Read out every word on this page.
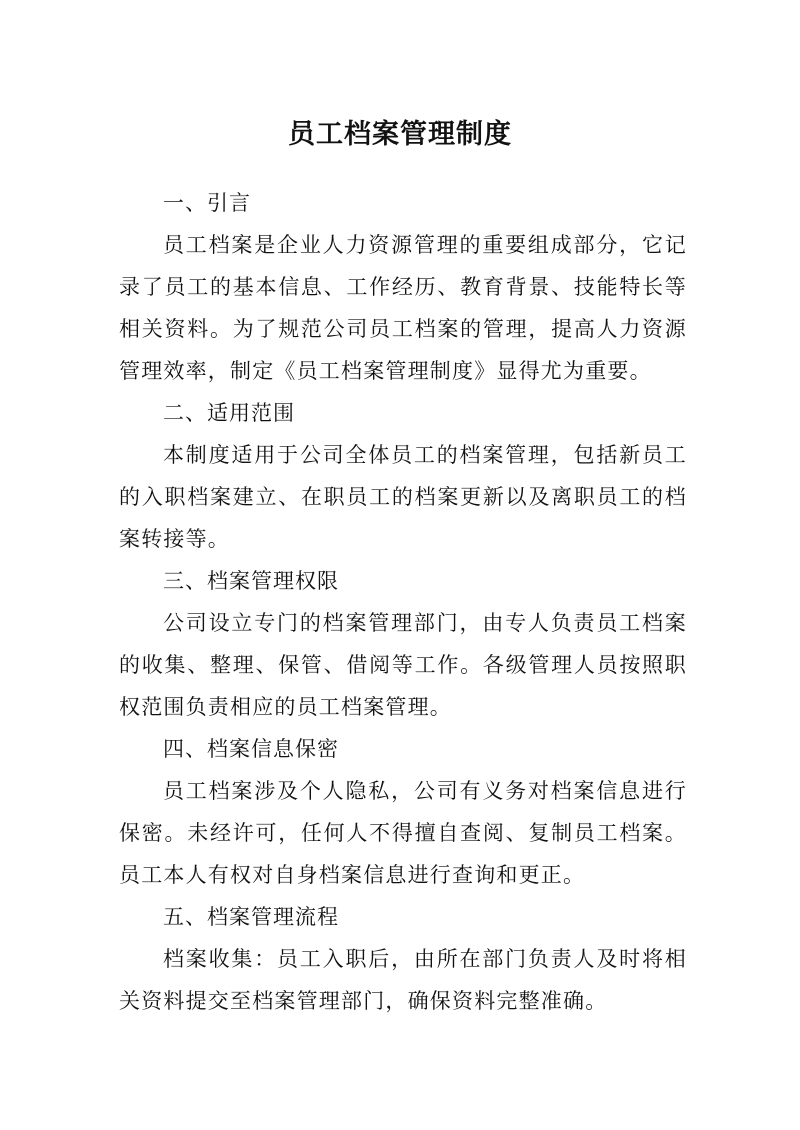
员工档案管理制度

一、引言

员工档案是企业人力资源管理的重要组成部分，它记录了员工的基本信息、工作经历、教育背景、技能特长等相关资料。为了规范公司员工档案的管理，提高人力资源管理效率，制定《员工档案管理制度》显得尤为重要。

二、适用范围

本制度适用于公司全体员工的档案管理，包括新员工的入职档案建立、在职员工的档案更新以及离职员工的档案转接等。

三、档案管理权限

公司设立专门的档案管理部门，由专人负责员工档案的收集、整理、保管、借阅等工作。各级管理人员按照职权范围负责相应的员工档案管理。

四、档案信息保密

员工档案涉及个人隐私，公司有义务对档案信息进行保密。未经许可，任何人不得擅自查阅、复制员工档案。员工本人有权对自身档案信息进行查询和更正。

五、档案管理流程

档案收集：员工入职后，由所在部门负责人及时将相关资料提交至档案管理部门，确保资料完整准确。
